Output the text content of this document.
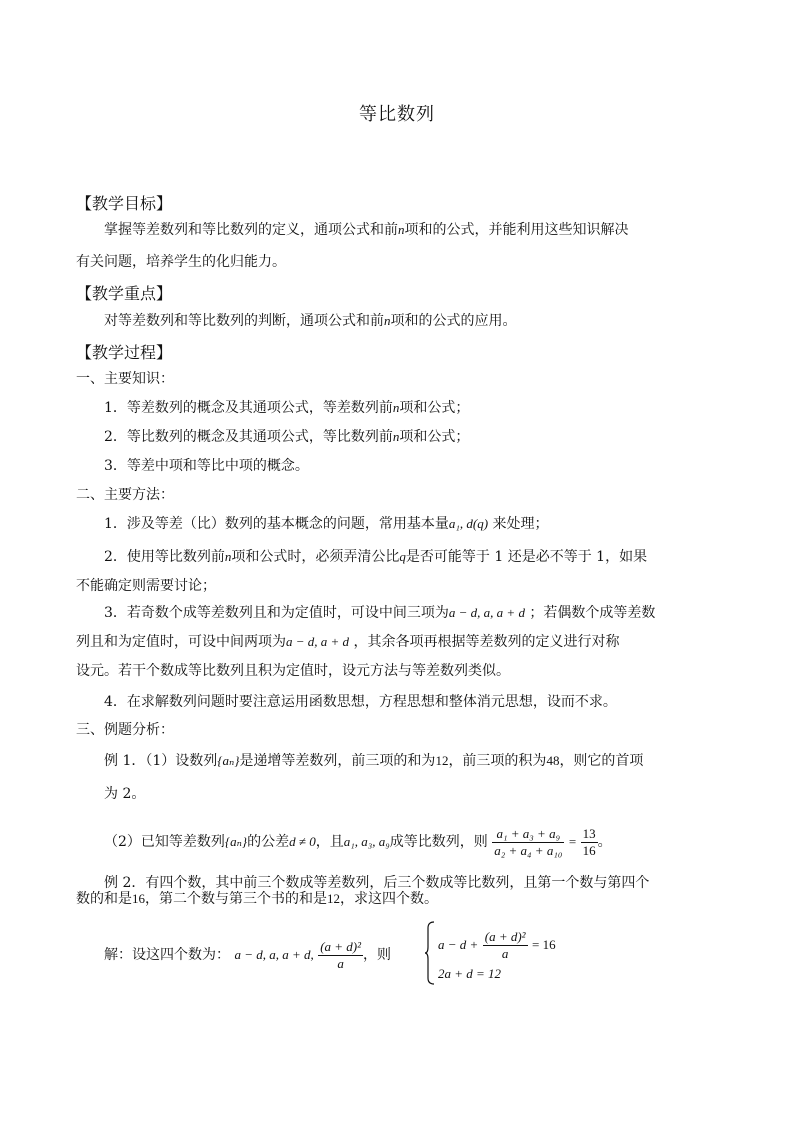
等比数列
【教学目标】
掌握等差数列和等比数列的定义，通项公式和前n项和的公式，并能利用这些知识解决
有关问题，培养学生的化归能力。
【教学重点】
对等差数列和等比数列的判断，通项公式和前n项和的公式的应用。
【教学过程】
一、主要知识：
1．等差数列的概念及其通项公式，等差数列前n项和公式；
2．等比数列的概念及其通项公式，等比数列前n项和公式；
3．等差中项和等比中项的概念。
二、主要方法：
1．涉及等差（比）数列的基本概念的问题，常用基本量a₁, d(q) 来处理；
2．使用等比数列前n项和公式时，必须弄清公比q是否可能等于 1 还是必不等于 1，如果
不能确定则需要讨论；
3．若奇数个成等差数列且和为定值时，可设中间三项为a − d, a, a + d ；若偶数个成等差数
列且和为定值时，可设中间两项为a − d, a + d ，其余各项再根据等差数列的定义进行对称
设元。若干个数成等比数列且积为定值时，设元方法与等差数列类似。
4．在求解数列问题时要注意运用函数思想，方程思想和整体消元思想，设而不求。
三、例题分析：
例 1．（1）设数列{aₙ}是递增等差数列，前三项的和为12，前三项的积为48，则它的首项
为 2。
（2）已知等差数列{aₙ}的公差d ≠ 0，且a₁, a₃, a₉成等比数列，则 $\frac{\text{a₁ + a₃ + a₉}}{\text{a₂ + a₄ + a₁₀}} = \frac{13}{16}$ 。
例 2．有四个数，其中前三个数成等差数列，后三个数成等比数列，且第一个数与第四个
数的和是16，第二个数与第三个书的和是12，求这四个数。
解：设这四个数为： a − d, a, a + d, $\frac{\text{(a + d)²}}{a}$ ，则
$a - d + \frac{\text{(a + d)²}}{a} = 16$
2a + d = 12
